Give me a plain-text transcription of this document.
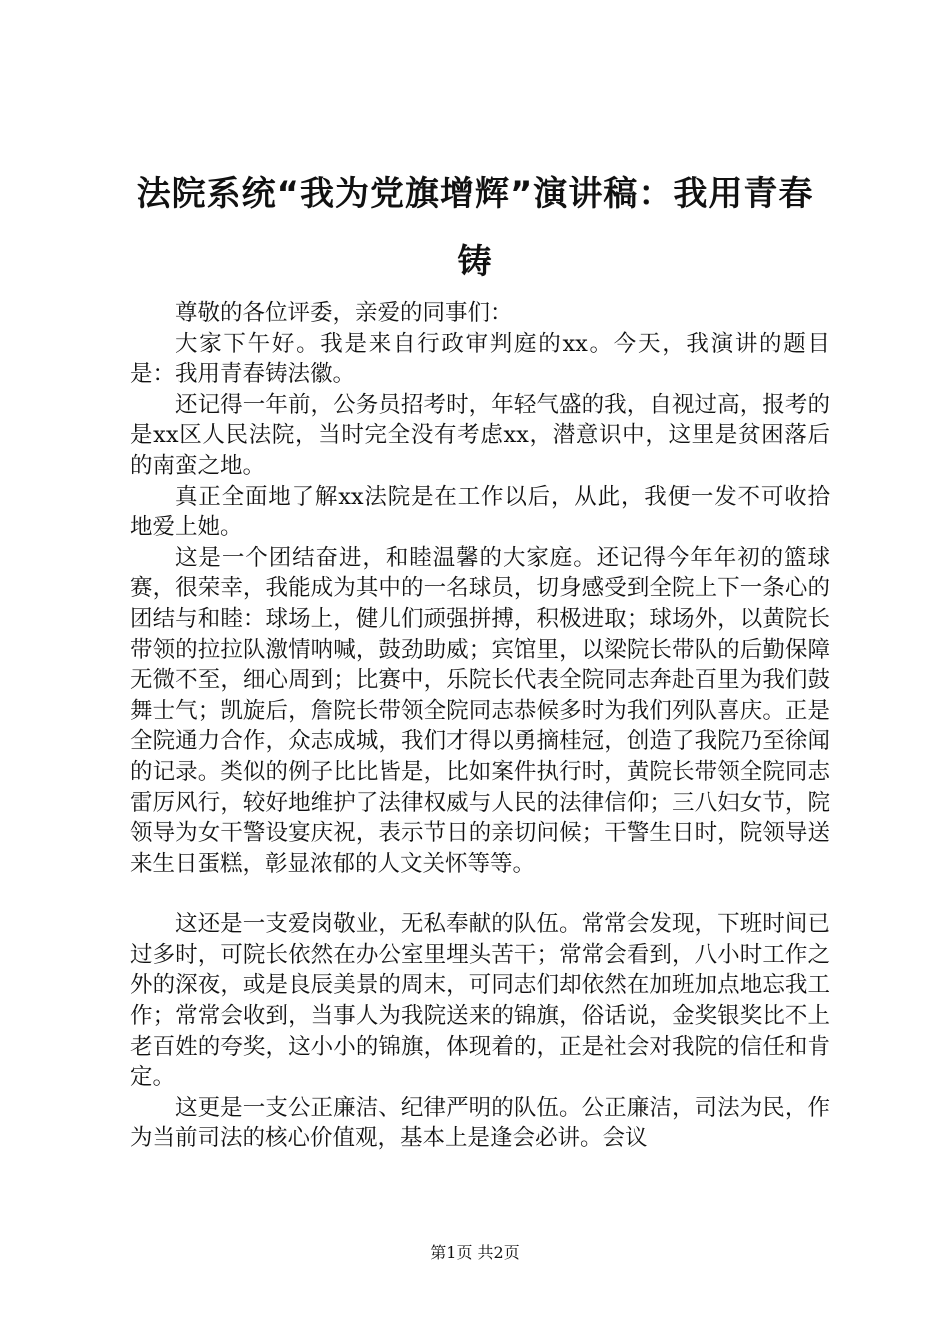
法院系统“我为党旗增辉”演讲稿：我用青春铸

尊敬的各位评委，亲爱的同事们：

大家下午好。我是来自行政审判庭的xx。今天，我演讲的题目是：我用青春铸法徽。

还记得一年前，公务员招考时，年轻气盛的我，自视过高，报考的是xx区人民法院，当时完全没有考虑xx，潜意识中，这里是贫困落后的南蛮之地。

真正全面地了解xx法院是在工作以后，从此，我便一发不可收拾地爱上她。

这是一个团结奋进，和睦温馨的大家庭。还记得今年年初的篮球赛，很荣幸，我能成为其中的一名球员，切身感受到全院上下一条心的团结与和睦：球场上，健儿们顽强拼搏，积极进取；球场外，以黄院长带领的拉拉队激情呐喊，鼓劲助威；宾馆里，以梁院长带队的后勤保障无微不至，细心周到；比赛中，乐院长代表全院同志奔赴百里为我们鼓舞士气；凯旋后，詹院长带领全院同志恭候多时为我们列队喜庆。正是全院通力合作，众志成城，我们才得以勇摘桂冠，创造了我院乃至徐闻的记录。类似的例子比比皆是，比如案件执行时，黄院长带领全院同志雷厉风行，较好地维护了法律权威与人民的法律信仰；三八妇女节，院领导为女干警设宴庆祝，表示节日的亲切问候；干警生日时，院领导送来生日蛋糕，彰显浓郁的人文关怀等等。

这还是一支爱岗敬业，无私奉献的队伍。常常会发现，下班时间已过多时，可院长依然在办公室里埋头苦干；常常会看到，八小时工作之外的深夜，或是良辰美景的周末，可同志们却依然在加班加点地忘我工作；常常会收到，当事人为我院送来的锦旗，俗话说，金奖银奖比不上老百姓的夸奖，这小小的锦旗，体现着的，正是社会对我院的信任和肯定。

这更是一支公正廉洁、纪律严明的队伍。公正廉洁，司法为民，作为当前司法的核心价值观，基本上是逢会必讲。会议

第1页 共2页
